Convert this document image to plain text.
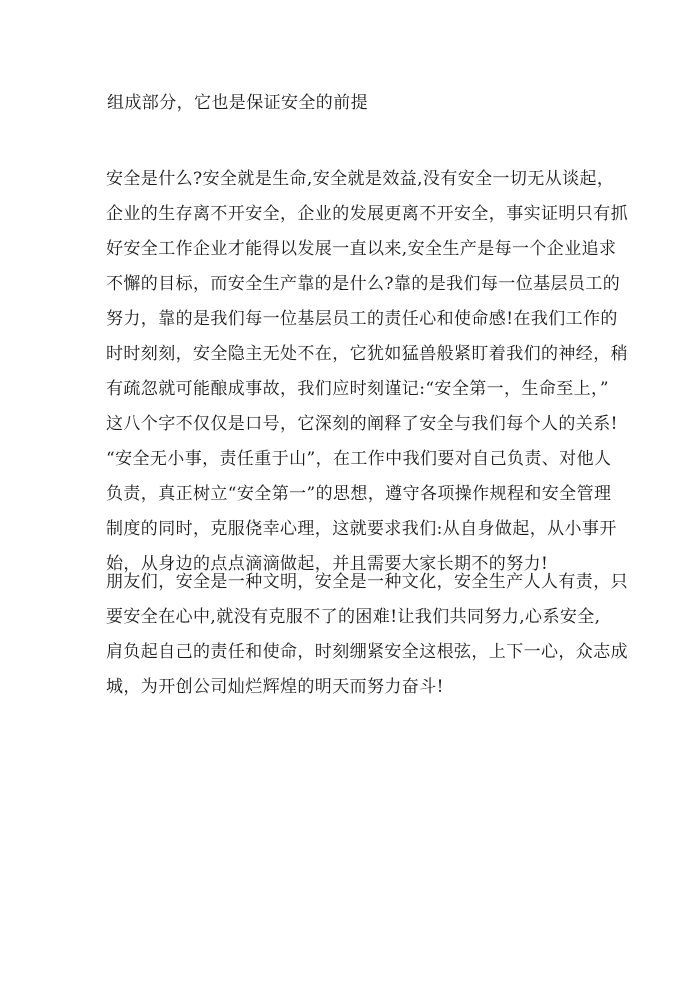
组成部分，它也是保证安全的前提
安全是什么?安全就是生命,安全就是效益,没有安全一切无从谈起，
企业的生存离不开安全，企业的发展更离不开安全，事实证明只有抓
好安全工作企业才能得以发展一直以来,安全生产是每一个企业追求
不懈的目标，而安全生产靠的是什么?靠的是我们每一位基层员工的
努力，靠的是我们每一位基层员工的责任心和使命感!在我们工作的
时时刻刻，安全隐主无处不在，它犹如猛兽般紧盯着我们的神经，稍
有疏忽就可能酿成事故，我们应时刻谨记:“安全第一，生命至上，”
这八个字不仅仅是口号，它深刻的阐释了安全与我们每个人的关系!
“安全无小事，责任重于山”，在工作中我们要对自己负责、对他人
负责，真正树立“安全第一”的思想，遵守各项操作规程和安全管理
制度的同时，克服侥幸心理，这就要求我们:从自身做起，从小事开
始，从身边的点点滴滴做起，并且需要大家长期不的努力!
朋友们，安全是一种文明，安全是一种文化，安全生产人人有责，只
要安全在心中,就没有克服不了的困难!让我们共同努力,心系安全,
肩负起自己的责任和使命，时刻绷紧安全这根弦，上下一心，众志成
城，为开创公司灿烂辉煌的明天而努力奋斗!
